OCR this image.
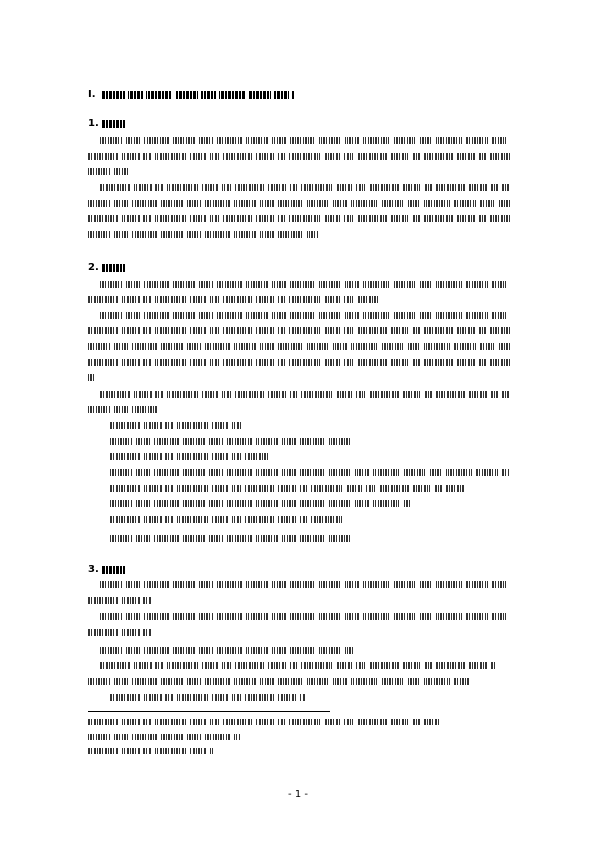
I.
1.
2.
3.
- 1 -
